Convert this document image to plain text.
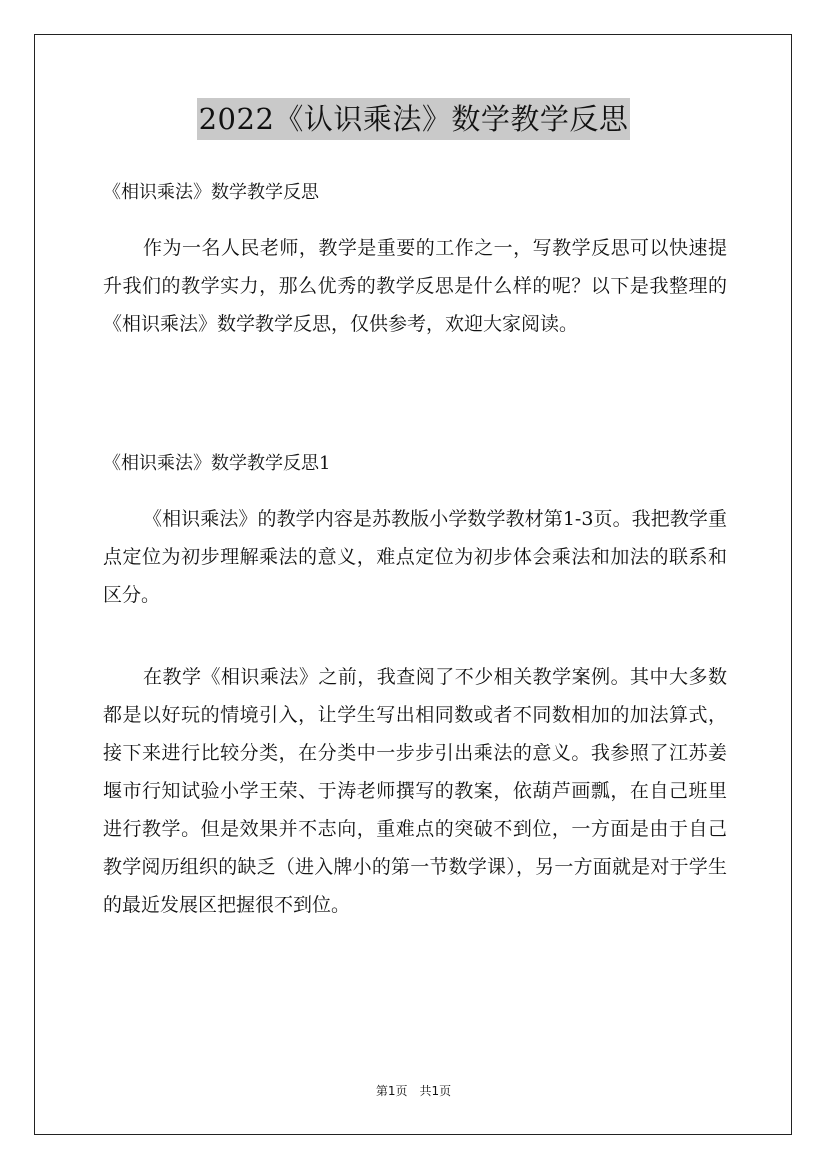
2022《认识乘法》数学教学反思
《相识乘法》数学教学反思
作为一名人民老师，教学是重要的工作之一，写教学反思可以快速提升我们的教学实力，那么优秀的教学反思是什么样的呢？以下是我整理的《相识乘法》数学教学反思，仅供参考，欢迎大家阅读。
《相识乘法》数学教学反思1
《相识乘法》的教学内容是苏教版小学数学教材第1-3页。我把教学重点定位为初步理解乘法的意义，难点定位为初步体会乘法和加法的联系和区分。
在教学《相识乘法》之前，我查阅了不少相关教学案例。其中大多数都是以好玩的情境引入，让学生写出相同数或者不同数相加的加法算式，接下来进行比较分类，在分类中一步步引出乘法的意义。我参照了江苏姜堰市行知试验小学王荣、于涛老师撰写的教案，依葫芦画瓢，在自己班里进行教学。但是效果并不志向，重难点的突破不到位，一方面是由于自己教学阅历组织的缺乏（进入牌小的第一节数学课），另一方面就是对于学生的最近发展区把握很不到位。
第1页　共1页
